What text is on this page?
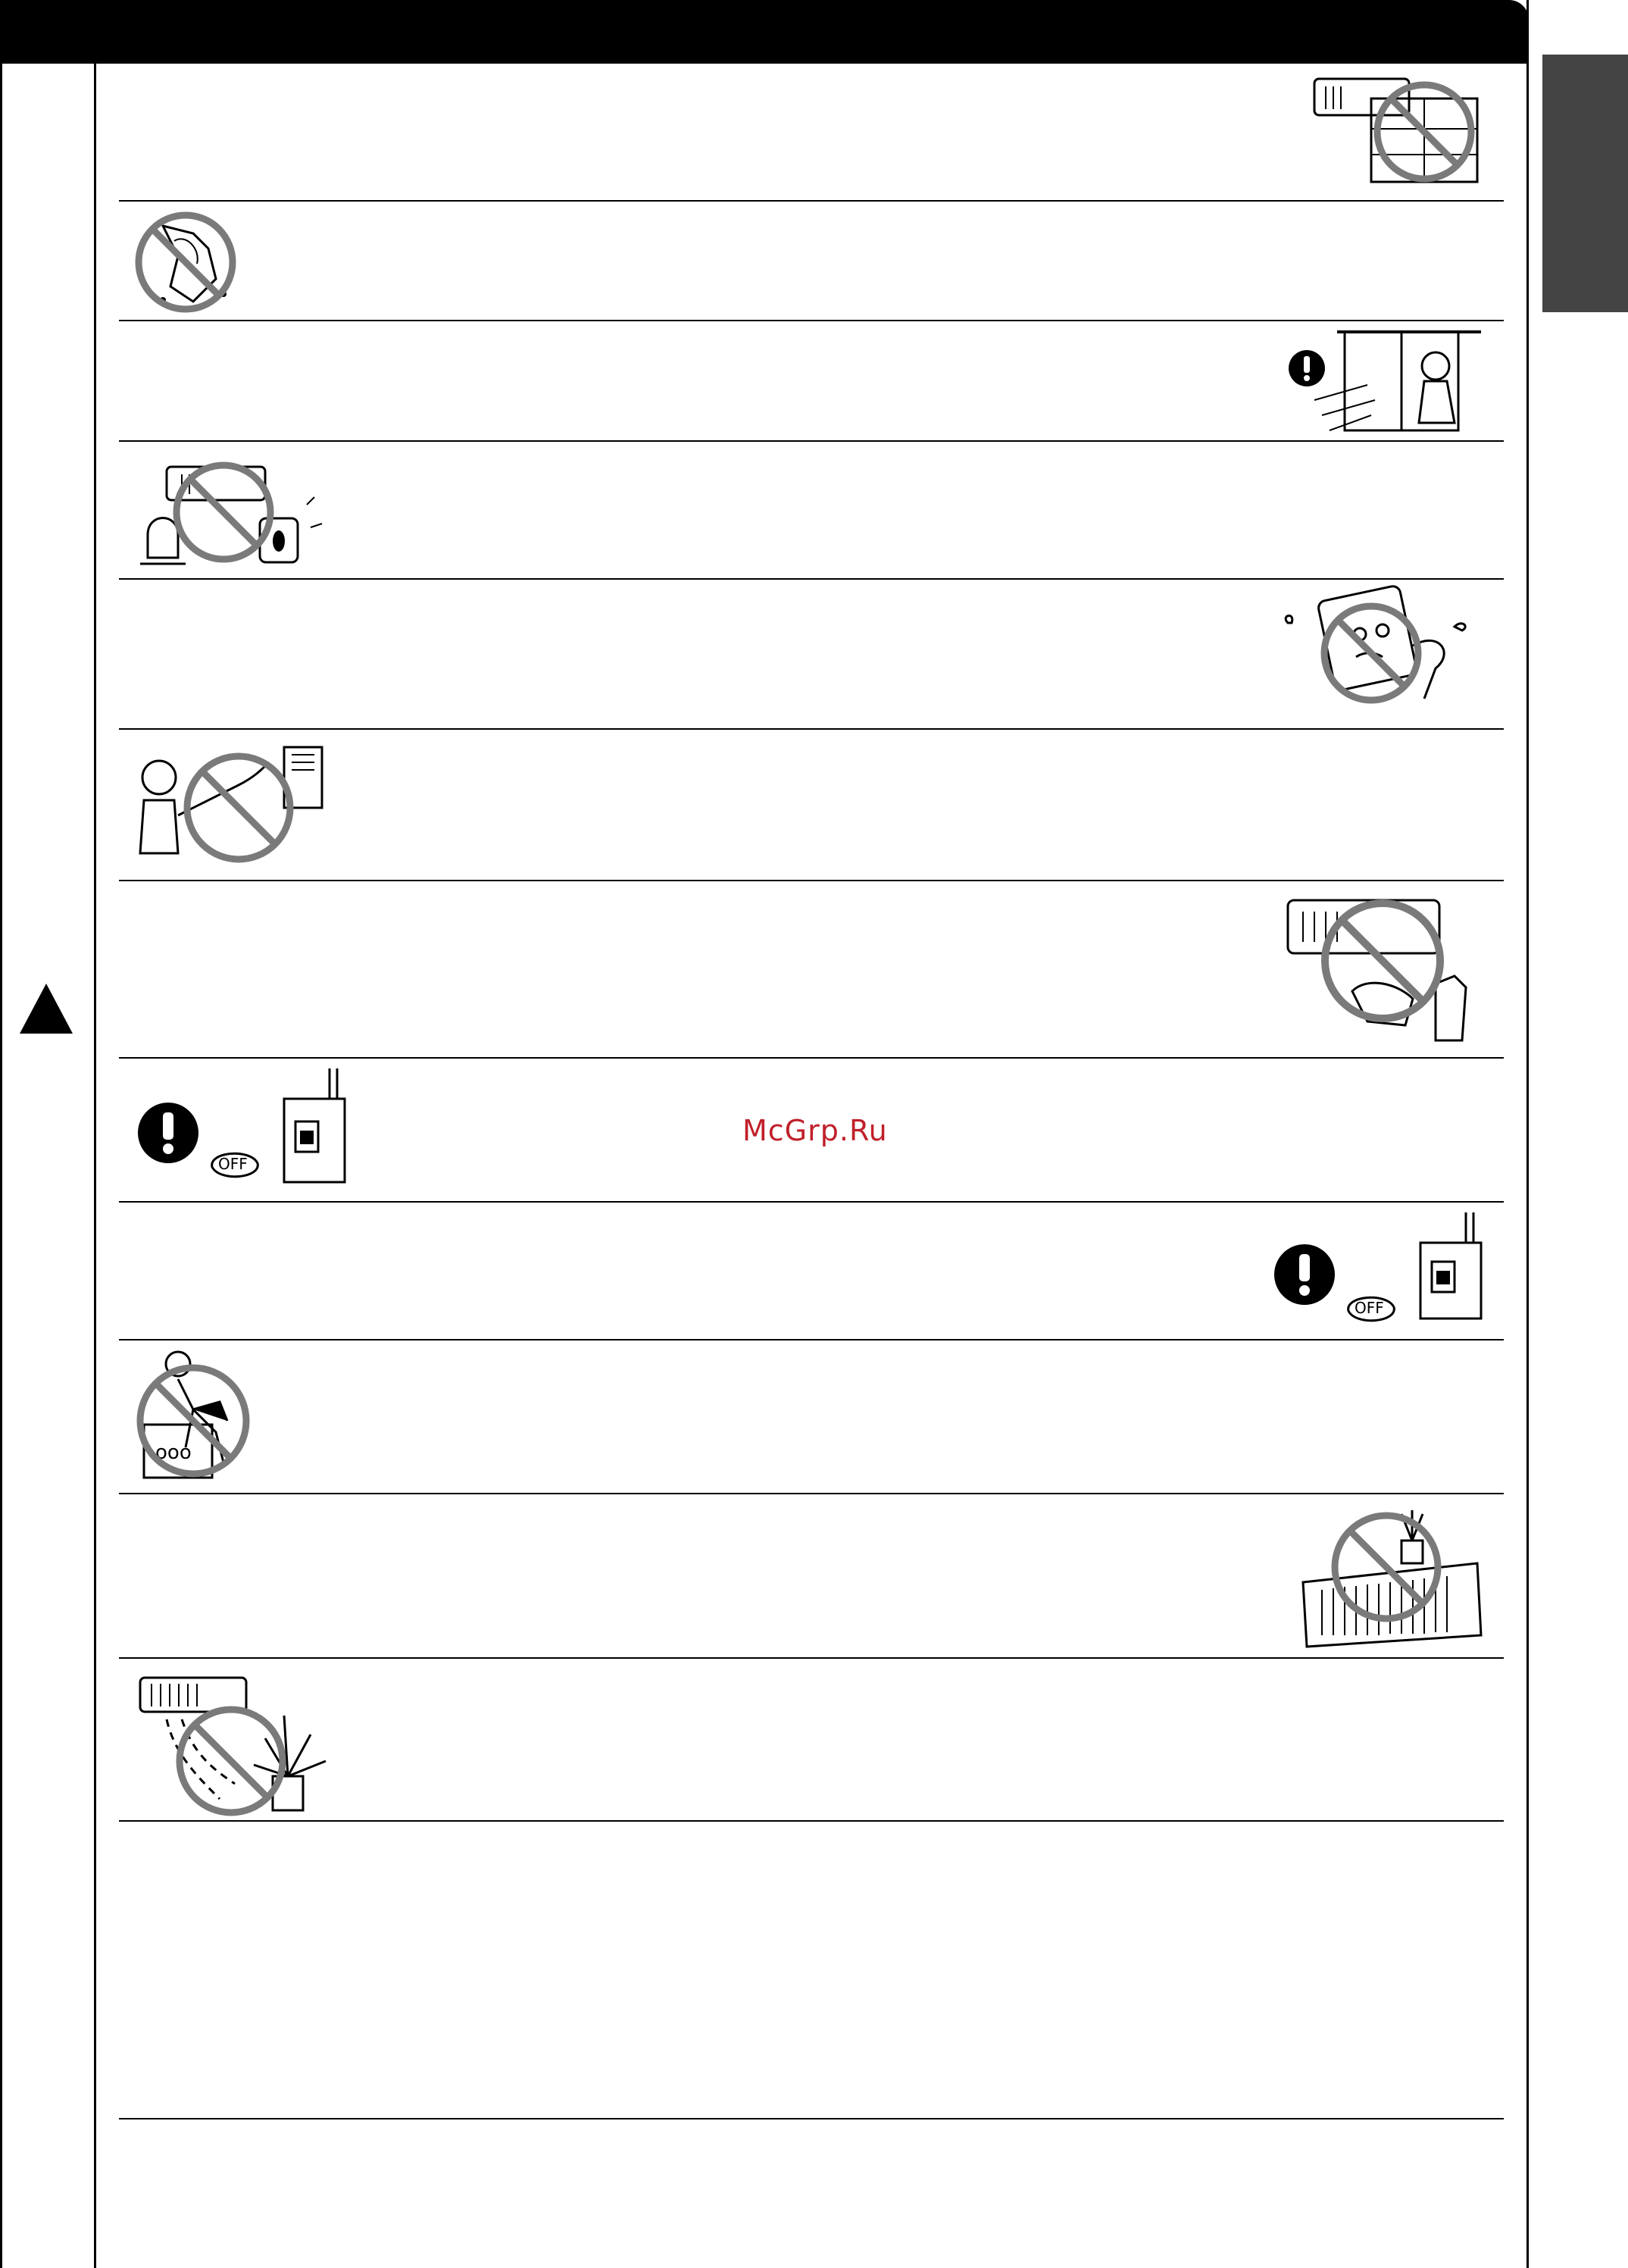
OFF
OFF
ooo
McGrp.Ru
